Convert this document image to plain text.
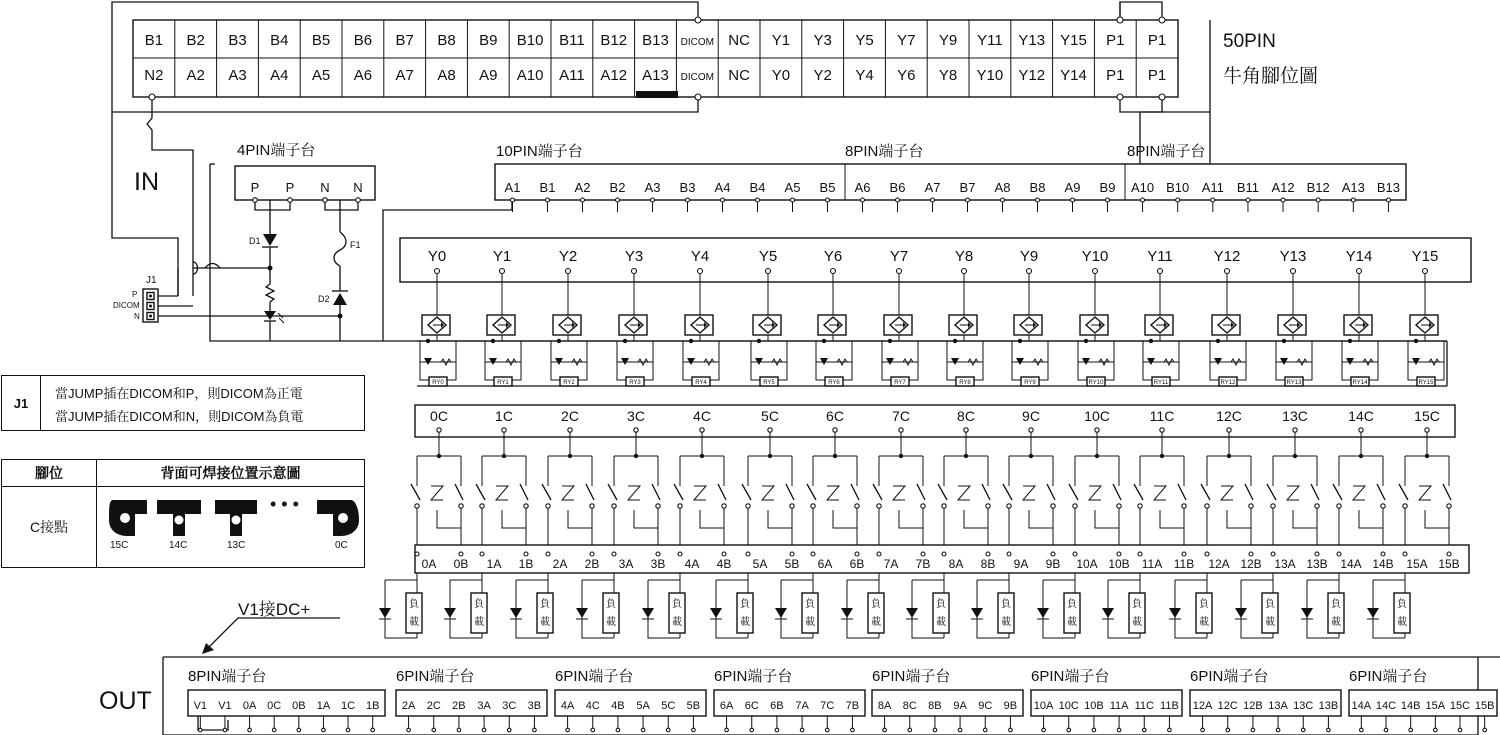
B1 B2 B3 B4 B5 B6 B7 B8 B9 B10 B11 B12 B13 DICOM NC Y1 Y3 Y5 Y7 Y9 Y11 Y13 Y15 P1 P1
N2 A2 A3 A4 A5 A6 A7 A8 A9 A10 A11 A12 A13 DICOM NC Y0 Y2 Y4 Y6 Y8 Y10 Y12 Y14 P1 P1
P P N N
10PIN端子台
A1 B1 A2 B2 A3 B3 A4 B4 A5 B5
8PIN端子台
A6 B6 A7 B7 A8 B8 A9 B9
8PIN端子台
A10 B10 A11 B11 A12 B12 A13 B13
Y0
RY0
0C
0A 0B
負
載
Y1
RY1
1C
1A 1B
負
載
Y2
RY2
2C
2A 2B
負
載
Y3
RY3
3C
3A 3B
負
載
Y4
RY4
4C
4A 4B
負
載
Y5
RY5
5C
5A 5B
負
載
Y6
RY6
6C
6A 6B
負
載
Y7
RY7
7C
7A 7B
負
載
Y8
RY8
8C
8A 8B
負
載
Y9
RY9
9C
9A 9B
負
載
Y10
RY10
10C
10A 10B
負
載
Y11
RY11
11C
11A 11B
負
載
Y12
RY12
12C
12A 12B
負
載
Y13
RY13
13C
13A 13B
負
載
Y14
RY14
14C
14A 14B
負
載
Y15
RY15
15C
15A 15B
負
載
8PIN端子台
V1 V1 0A 0C 0B 1A 1C 1B
6PIN端子台
2A 2C 2B 3A 3C 3B
6PIN端子台
4A 4C 4B 5A 5C 5B
6PIN端子台
6A 6C 6B 7A 7C 7B
6PIN端子台
8A 8C 8B 9A 9C 9B
6PIN端子台
10A 10C 10B 11A 11C 11B
6PIN端子台
12A 12C 12B 13A 13C 13B
6PIN端子台
14A 14C 14B 15A 15C 15B
50PIN
牛角腳位圖
IN
OUT
V1接DC+
4PIN端子台
D1	F1
D2
J1
P
DICOM
N
J1
當JUMP插在DICOM和P，則DICOM為正電
當JUMP插在DICOM和N，則DICOM為負電
腳位	背面可焊接位置示意圖
C接點
• • •
15C	14C	13C	0C
